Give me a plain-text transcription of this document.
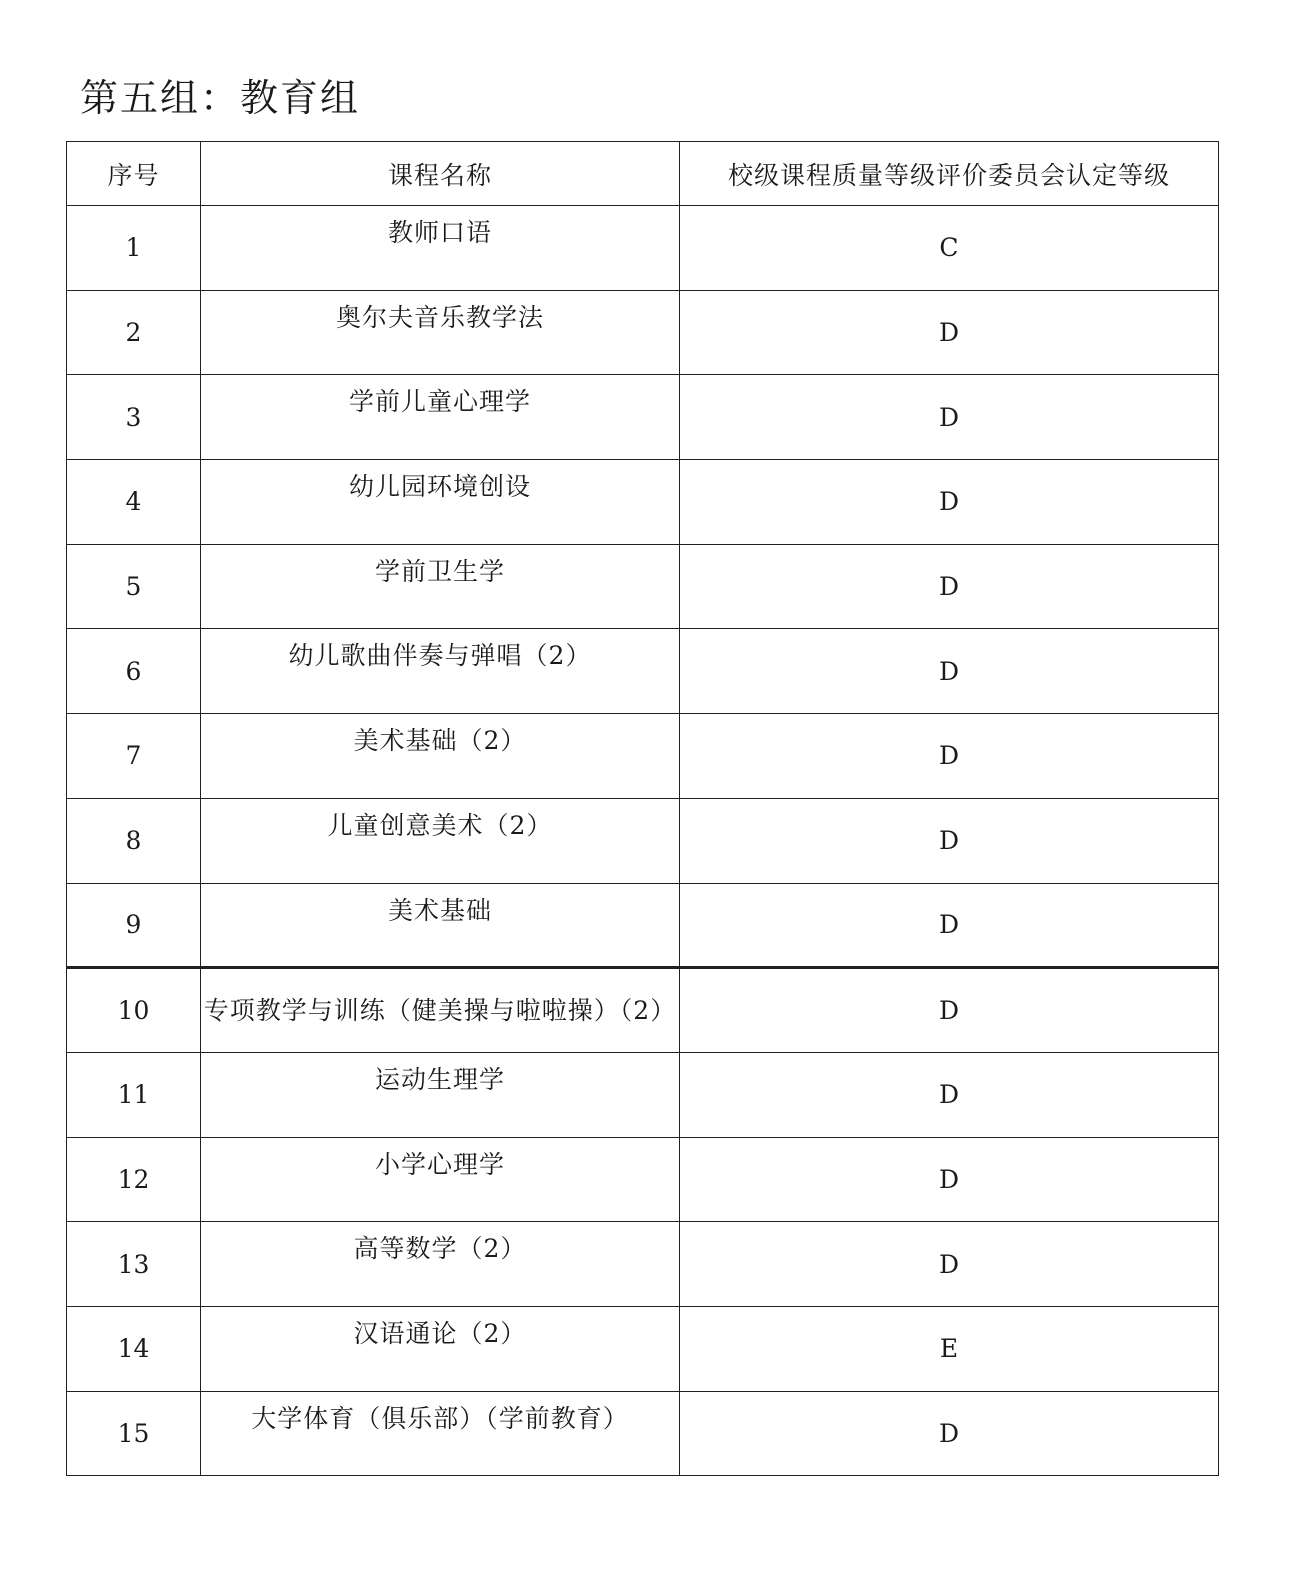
第五组：教育组
序号	课程名称	校级课程质量等级评价委员会认定等级
1	教师口语	C
2	奥尔夫音乐教学法	D
3	学前儿童心理学	D
4	幼儿园环境创设	D
5	学前卫生学	D
6	幼儿歌曲伴奏与弹唱（2）	D
7	美术基础（2）	D
8	儿童创意美术（2）	D
9	美术基础	D
10	专项教学与训练（健美操与啦啦操）（2）	D
11	运动生理学	D
12	小学心理学	D
13	高等数学（2）	D
14	汉语通论（2）	E
15	大学体育（俱乐部）（学前教育）	D
